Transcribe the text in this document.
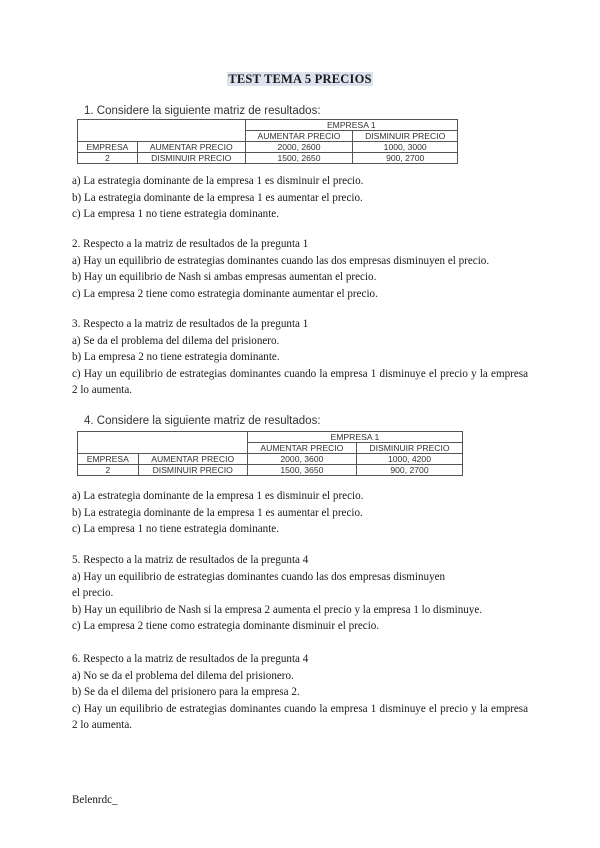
TEST TEMA 5 PRECIOS
1. Considere la siguiente matriz de resultados:
		EMPRESA 1	
		AUMENTAR PRECIO	DISMINUIR PRECIO
EMPRESA	AUMENTAR PRECIO	2000, 2600	1000, 3000
2	DISMINUIR PRECIO	1500, 2650	900, 2700

a) La estrategia dominante de la empresa 1 es disminuir el precio.

b) La estrategia dominante de la empresa 1 es aumentar el precio.

c) La empresa 1 no tiene estrategia dominante.

2. Respecto a la matriz de resultados de la pregunta 1

a) Hay un equilibrio de estrategias dominantes cuando las dos empresas disminuyen el precio.

b) Hay un equilibrio de Nash si ambas empresas aumentan el precio.

c) La empresa 2 tiene como estrategia dominante aumentar el precio.

3. Respecto a la matriz de resultados de la pregunta 1

a) Se da el problema del dilema del prisionero.

b) La empresa 2 no tiene estrategia dominante.

c) Hay un equilibrio de estrategias dominantes cuando la empresa 1 disminuye el precio y la empresa 2 lo aumenta.

4. Considere la siguiente matriz de resultados:
		EMPRESA 1	
		AUMENTAR PRECIO	DISMINUIR PRECIO
EMPRESA	AUMENTAR PRECIO	2000, 3600	1000, 4200
2	DISMINUIR PRECIO	1500, 3650	900, 2700

a) La estrategia dominante de la empresa 1 es disminuir el precio.

b) La estrategia dominante de la empresa 1 es aumentar el precio.

c) La empresa 1 no tiene estrategia dominante.

5. Respecto a la matriz de resultados de la pregunta 4

a) Hay un equilibrio de estrategias dominantes cuando las dos empresas disminuyen

el precio.

b) Hay un equilibrio de Nash si la empresa 2 aumenta el precio y la empresa 1 lo disminuye.

c) La empresa 2 tiene como estrategia dominante disminuir el precio.

6. Respecto a la matriz de resultados de la pregunta 4

a) No se da el problema del dilema del prisionero.

b) Se da el dilema del prisionero para la empresa 2.

c) Hay un equilibrio de estrategias dominantes cuando la empresa 1 disminuye el precio y la empresa 2 lo aumenta.

Belenrdc_
